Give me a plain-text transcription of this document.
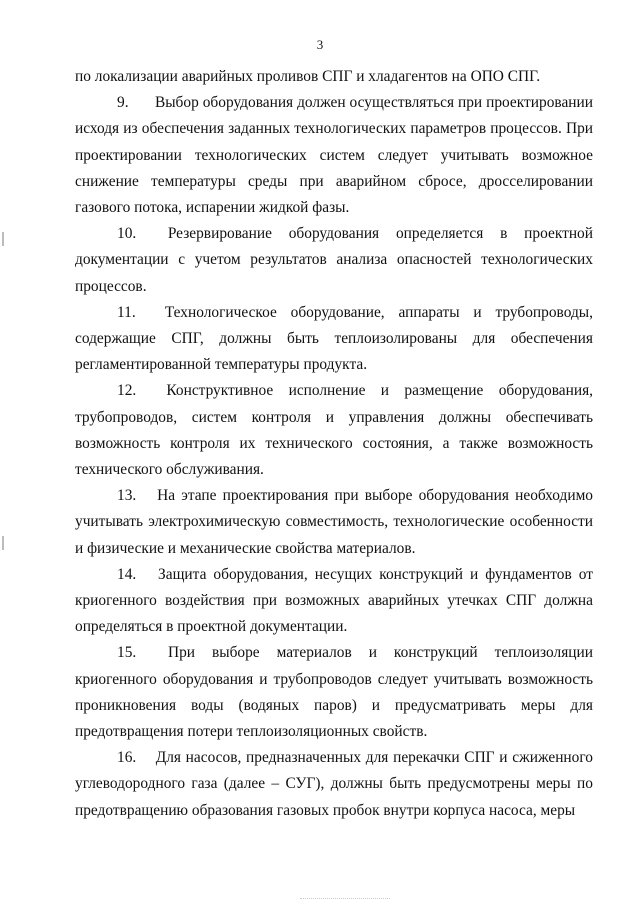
3

по локализации аварийных проливов СПГ и хладагентов на ОПО СПГ.

9. Выбор оборудования должен осуществляться при проектировании исходя из обеспечения заданных технологических параметров процессов. При проектировании технологических систем следует учитывать возможное снижение температуры среды при аварийном сбросе, дросселировании газового потока, испарении жидкой фазы.

10. Резервирование оборудования определяется в проектной документации с учетом результатов анализа опасностей технологических процессов.

11. Технологическое оборудование, аппараты и трубопроводы, содержащие СПГ, должны быть теплоизолированы для обеспечения регламентированной температуры продукта.

12. Конструктивное исполнение и размещение оборудования, трубопроводов, систем контроля и управления должны обеспечивать возможность контроля их технического состояния, а также возможность технического обслуживания.

13. На этапе проектирования при выборе оборудования необходимо учитывать электрохимическую совместимость, технологические особенности и физические и механические свойства материалов.

14. Защита оборудования, несущих конструкций и фундаментов от криогенного воздействия при возможных аварийных утечках СПГ должна определяться в проектной документации.

15. При выборе материалов и конструкций теплоизоляции криогенного оборудования и трубопроводов следует учитывать возможность проникновения воды (водяных паров) и предусматривать меры для предотвращения потери теплоизоляционных свойств.

16. Для насосов, предназначенных для перекачки СПГ и сжиженного углеводородного газа (далее – СУГ), должны быть предусмотрены меры по предотвращению образования газовых пробок внутри корпуса насоса, меры
